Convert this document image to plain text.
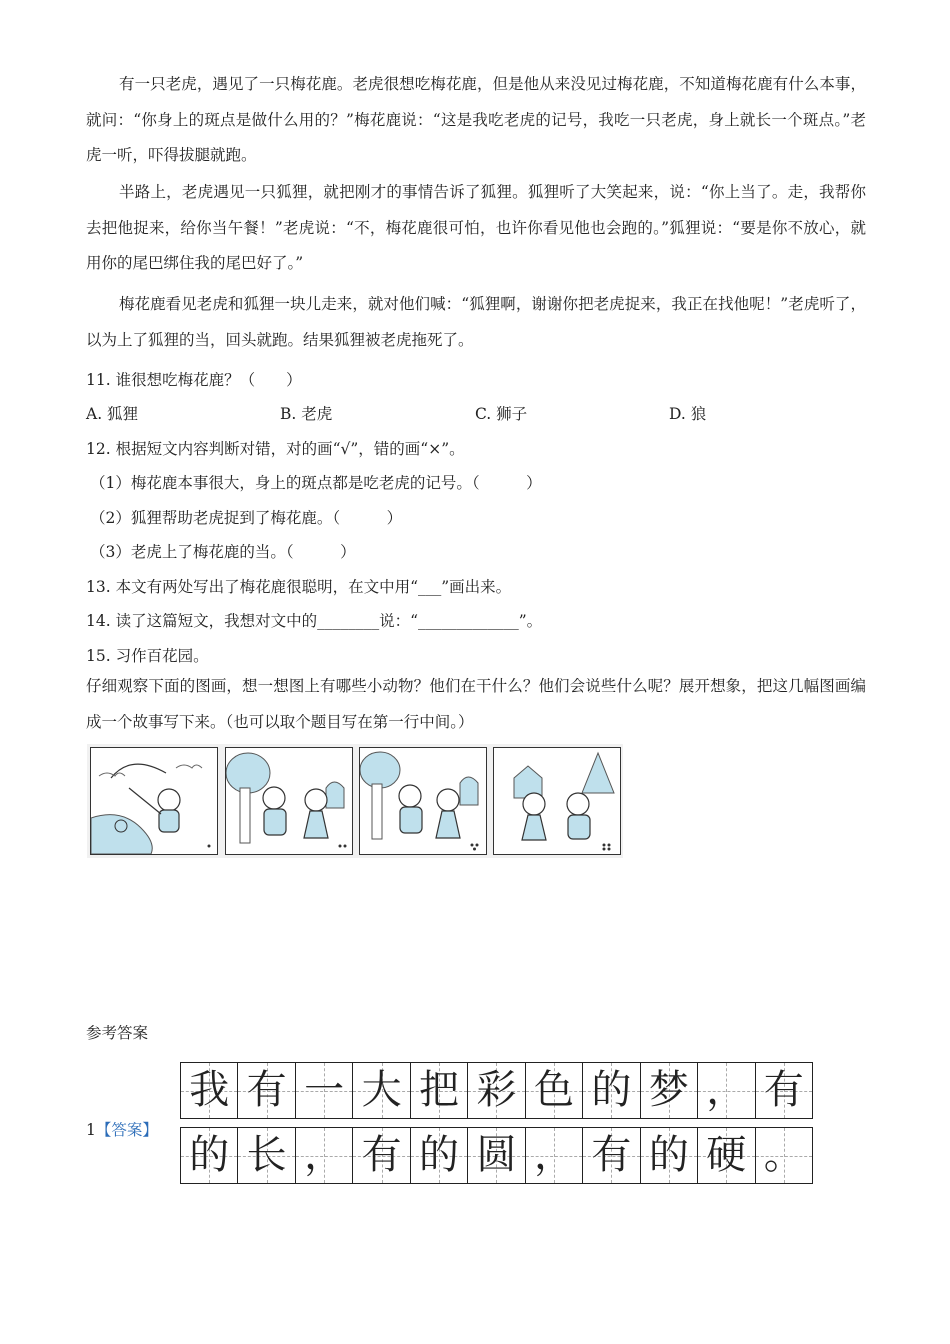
有一只老虎，遇见了一只梅花鹿。老虎很想吃梅花鹿，但是他从来没见过梅花鹿，不知道梅花鹿有什么本事，就问：“你身上的斑点是做什么用的？”梅花鹿说：“这是我吃老虎的记号，我吃一只老虎，身上就长一个斑点。”老虎一听，吓得拔腿就跑。
半路上，老虎遇见一只狐狸，就把刚才的事情告诉了狐狸。狐狸听了大笑起来，说：“你上当了。走，我帮你去把他捉来，给你当午餐！”老虎说：“不，梅花鹿很可怕，也许你看见他也会跑的。”狐狸说：“要是你不放心，就用你的尾巴绑住我的尾巴好了。”
梅花鹿看见老虎和狐狸一块儿走来，就对他们喊：“狐狸啊，谢谢你把老虎捉来，我正在找他呢！”老虎听了，以为上了狐狸的当，回头就跑。结果狐狸被老虎拖死了。
11. 谁很想吃梅花鹿？（　　）
A. 狐狸	B. 老虎	C. 狮子	D. 狼
12. 根据短文内容判断对错，对的画“√”，错的画“×”。
（1）梅花鹿本事很大，身上的斑点都是吃老虎的记号。（　　　）
（2）狐狸帮助老虎捉到了梅花鹿。（　　　）
（3）老虎上了梅花鹿的当。（　　　）
13. 本文有两处写出了梅花鹿很聪明，在文中用“___”画出来。
14. 读了这篇短文，我想对文中的________说：“_____________”。
15. 习作百花园。
仔细观察下面的图画，想一想图上有哪些小动物？他们在干什么？他们会说些什么呢？展开想象，把这几幅图画编成一个故事写下来。（也可以取个题目写在第一行中间。）
参考答案
1【答案】
我 有 一 大 把 彩 色 的 梦 ， 有
的 长 ， 有 的 圆 ， 有 的 硬 。
